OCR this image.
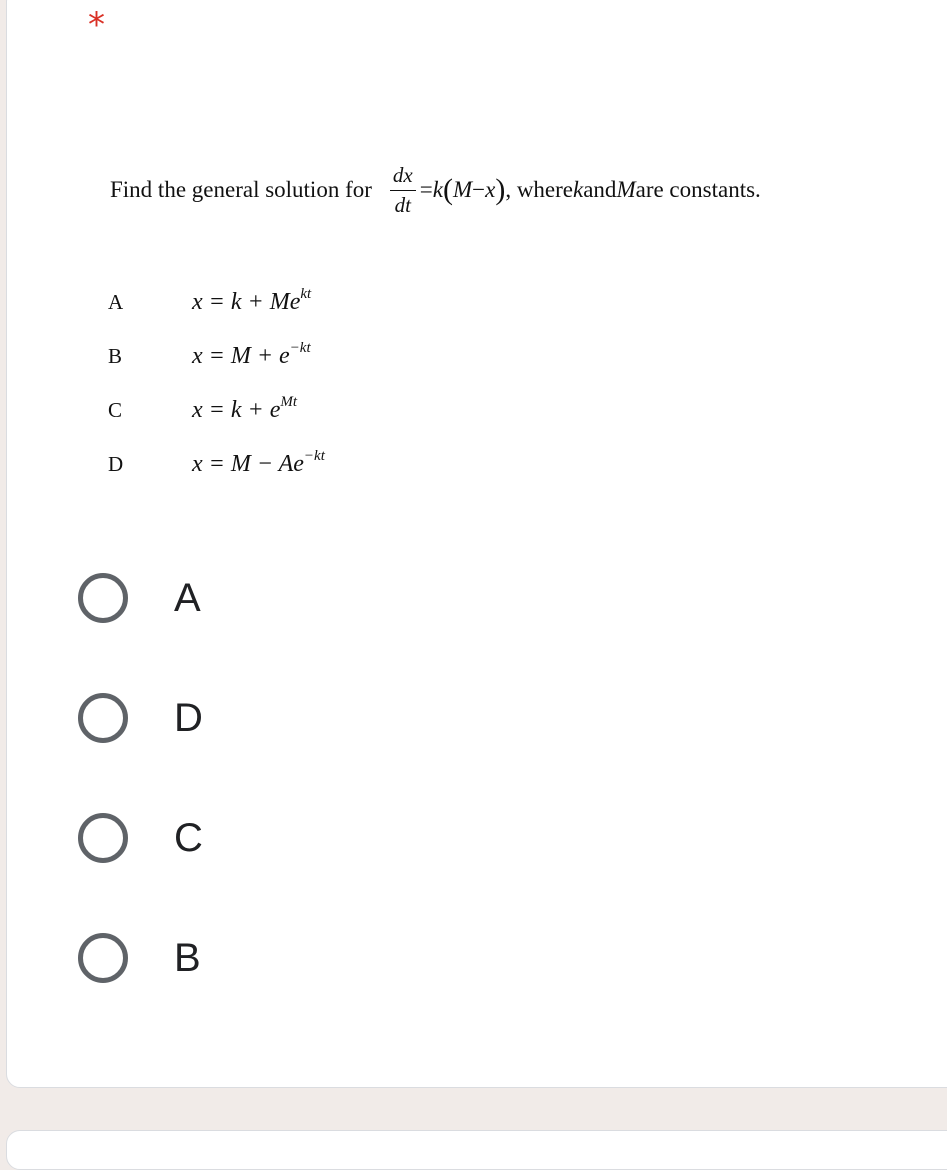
*
Find the general solution for $\frac{dx}{dt} = k$ ( M − x ) , where k and M are constants.
A	$x = k + Me^{kt}$
B	$x = M + e^{-kt}$
C	$x = k + e^{Mt}$
D	$x = M - Ae^{-kt}$
A
D
C
B
